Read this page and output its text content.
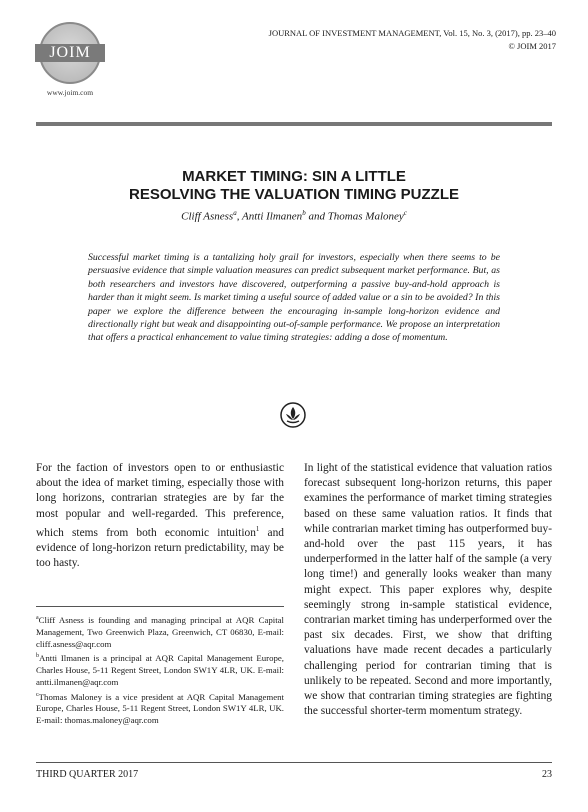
JOIM
www.joim.com
JOURNAL OF INVESTMENT MANAGEMENT, Vol. 15, No. 3, (2017), pp. 23–40
© JOIM 2017
MARKET TIMING: SIN A LITTLE
RESOLVING THE VALUATION TIMING PUZZLE
Cliff Asness$^a$, Antti Ilmanen$^b$ and Thomas Maloney$^c$
Successful market timing is a tantalizing holy grail for investors, especially when there seems to be persuasive evidence that simple valuation measures can predict subsequent market performance. But, as both researchers and investors have discovered, outperforming a passive buy-and-hold approach is harder than it might seem. Is market timing a useful source of added value or a sin to be avoided? In this paper we explore the difference between the encouraging in-sample long-horizon evidence and directionally right but weak and disappointing out-of-sample performance. We propose an interpretation that offers a practical enhancement to value timing strategies: adding a dose of momentum.
For the faction of investors open to or enthusiastic about the idea of market timing, especially those with long horizons, contrarian strategies are by far the most popular and well-regarded. This preference, which stems from both economic intuition$^1$ and evidence of long-horizon return predictability, may be too hasty.

$^a$Cliff Asness is founding and managing principal at AQR Capital Management, Two Greenwich Plaza, Greenwich, CT 06830, E-mail: cliff.asness@aqr.com

$^b$Antti Ilmanen is a principal at AQR Capital Management Europe, Charles House, 5-11 Regent Street, London SW1Y 4LR, UK. E-mail: antti.ilmanen@aqr.com

$^c$Thomas Maloney is a vice president at AQR Capital Management Europe, Charles House, 5-11 Regent Street, London SW1Y 4LR, UK. E-mail: thomas.maloney@aqr.com

In light of the statistical evidence that valuation ratios forecast subsequent long-horizon returns, this paper examines the performance of market timing strategies based on these same valuation ratios. It finds that while contrarian market timing has outperformed buy-and-hold over the past 115 years, it has underperformed in the latter half of the sample (a very long time!) and generally looks weaker than many might expect. This paper explores why, despite seemingly strong in-sample statistical evidence, contrarian market timing has underperformed over the past six decades. First, we show that drifting valuations have made recent decades a particularly challenging period for contrarian timing that is unlikely to be repeated. Second and more importantly, we show that contrarian timing strategies are fighting the successful shorter-term momentum strategy.
THIRD QUARTER 2017	23
